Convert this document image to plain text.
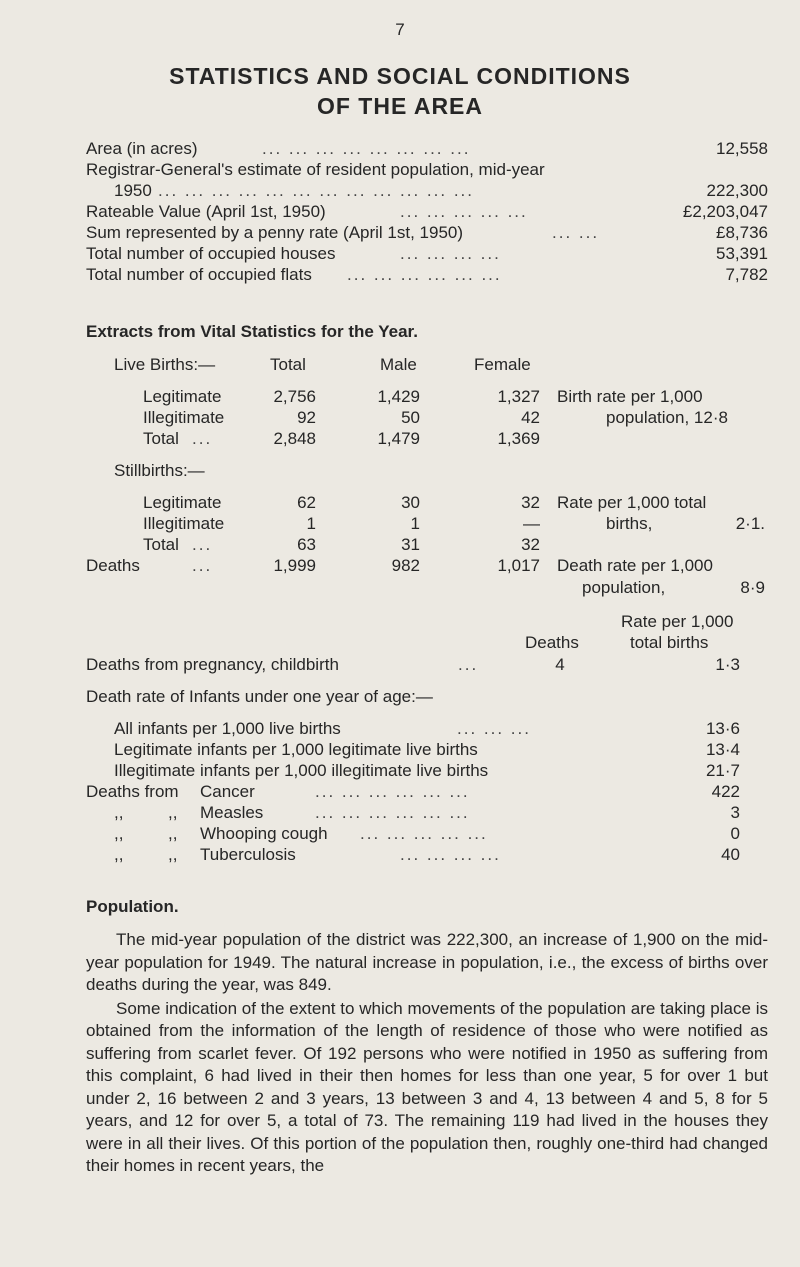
7
STATISTICS AND SOCIAL CONDITIONS
OF THE AREA
Area (in acres)	... ... ... ... ... ... ... ...	12,558
Registrar-General's estimate of resident population, mid-year
1950 ... ... ... ... ... ... ... ... ... ... ... ...	222,300
Rateable Value (April 1st, 1950)	... ... ... ... ...	£2,203,047
Sum represented by a penny rate (April 1st, 1950)	... ...	£8,736
Total number of occupied houses	... ... ... ...	53,391
Total number of occupied flats ... ... ... ... ... ...	7,782
Extracts from Vital Statistics for the Year.
Live Births:—	Total	Male	Female
Legitimate	2,756	1,429	1,327
Illegitimate	92	50	42
Total ...	2,848	1,479	1,369
Birth rate per 1,000
population, 12·8
Stillbirths:—
Legitimate	62	30	32
Illegitimate	1	1	—
Total ...	63	31	32
Rate per 1,000 total
births,	2·1.
Deaths	...	1,999	982	1,017 Death rate per 1,000
population,	8·9
Rate per 1,000
Deaths	total births
Deaths from pregnancy, childbirth	...	4	1·3
Death rate of Infants under one year of age:—
All infants per 1,000 live births	... ... ...	13·6
Legitimate infants per 1,000 legitimate live births	13·4
Illegitimate infants per 1,000 illegitimate live births	21·7
Deaths from Cancer	... ... ... ... ... ...	422
,,	,, Measles	... ... ... ... ... ...	3
,,	,, Whooping cough ... ... ... ... ...	0
,,	,, Tuberculosis	... ... ... ...	40
Population.

The mid-year population of the district was 222,300, an increase of 1,900 on the mid-year population for 1949. The natural increase in population, i.e., the excess of births over deaths during the year, was 849.

Some indication of the extent to which movements of the population are taking place is obtained from the information of the length of residence of those who were notified as suffering from scarlet fever. Of 192 persons who were notified in 1950 as suffering from this complaint, 6 had lived in their then homes for less than one year, 5 for over 1 but under 2, 16 between 2 and 3 years, 13 between 3 and 4, 13 between 4 and 5, 8 for 5 years, and 12 for over 5, a total of 73. The remaining 119 had lived in the houses they were in all their lives. Of this portion of the population then, roughly one-third had changed their homes in recent years, the
